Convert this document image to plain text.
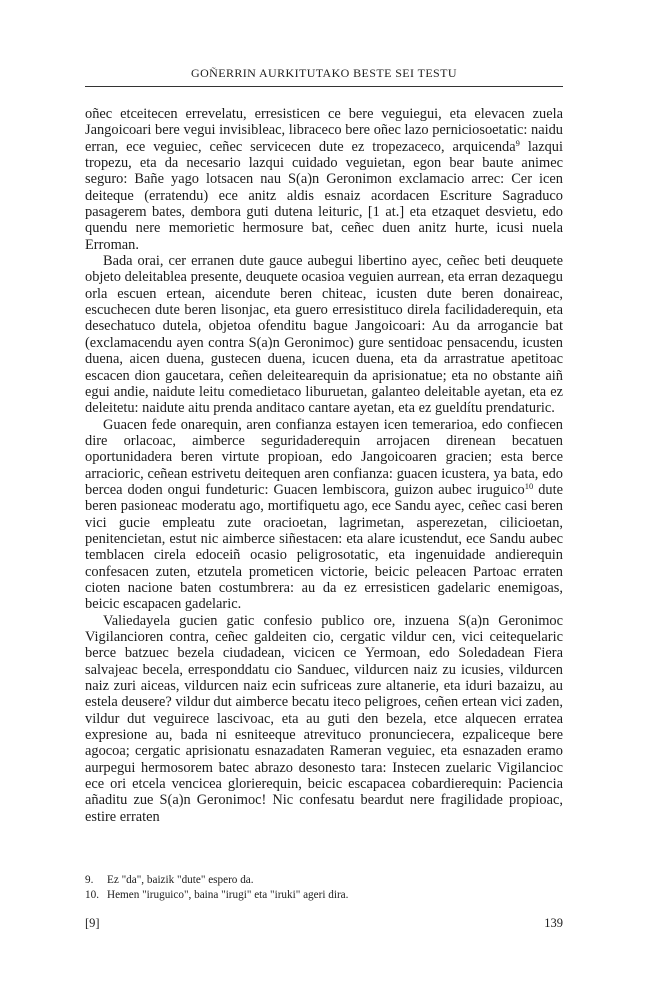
GOÑERRIN AURKITUTAKO BESTE SEI TESTU

oñec etceitecen errevelatu, erresisticen ce bere veguiegui, eta elevacen zuela Jangoicoari bere vegui invisibleac, libraceco bere oñec lazo perniciosoetatic: naidu erran, ece veguiec, ceñec servicecen dute ez tropezaceco, arquicenda$^9$ lazqui tropezu, eta da necesario lazqui cuidado veguietan, egon bear baute animec seguro: Bañe yago lotsacen nau S(a)n Geronimon exclamacio arrec: Cer icen deiteque (erratendu) ece anitz aldis esnaiz acordacen Escriture Sagraduco pasagerem bates, dembora guti dutena leituric, [1 at.] eta etzaquet desvietu, edo quendu nere memorietic hermosure bat, ceñec duen anitz hurte, icusi nuela Erroman.

Bada orai, cer erranen dute gauce aubegui libertino ayec, ceñec beti deuquete objeto deleitablea presente, deuquete ocasioa veguien aurrean, eta erran dezaquegu orla escuen ertean, aicendute beren chiteac, icusten dute beren donaireac, escuchecen dute beren lisonjac, eta guero erresistituco direla facilidaderequin, eta desechatuco dutela, objetoa ofenditu bague Jangoicoari: Au da arrogancie bat (exclamacendu ayen contra S(a)n Geronimoc) gure sentidoac pensacendu, icusten duena, aicen duena, gustecen duena, icucen duena, eta da arrastratue apetitoac escacen dion gaucetara, ceñen deleitearequin da aprisionatue; eta no obstante aiñ egui andie, naidute leitu comedietaco liburuetan, galanteo deleitable ayetan, eta ez deleitetu: naidute aitu prenda anditaco cantare ayetan, eta ez gueldítu prendaturic.

Guacen fede onarequin, aren confianza estayen icen temerarioa, edo confiecen dire orlacoac, aimberce seguridaderequin arrojacen direnean becatuen oportunidadera beren virtute propioan, edo Jangoicoaren gracien; esta berce arracioric, ceñean estrivetu deitequen aren confianza: guacen icustera, ya bata, edo bercea doden ongui fundeturic: Guacen lembiscora, guizon aubec iruguico$^{10}$ dute beren pasioneac moderatu ago, mortifiquetu ago, ece Sandu ayec, ceñec casi beren vici gucie empleatu zute oracioetan, lagrimetan, asperezetan, cilicioetan, penitencietan, estut nic aimberce siñestacen: eta alare icustendut, ece Sandu aubec temblacen cirela edoceiñ ocasio peligrosotatic, eta ingenuidade andierequin confesacen zuten, etzutela prometicen victorie, beicic peleacen Partoac erraten cioten nacione baten costumbrera: au da ez erresisticen gadelaric enemigoas, beicic escapacen gadelaric.

Valiedayela gucien gatic confesio publico ore, inzuena S(a)n Geronimoc Vigilancioren contra, ceñec galdeiten cio, cergatic vildur cen, vici ceitequelaric berce batzuec bezela ciudadean, vicicen ce Yermoan, edo Soledadean Fiera salvajeac becela, erresponddatu cio Sanduec, vildurcen naiz zu icusies, vildurcen naiz zuri aiceas, vildurcen naiz ecin sufriceas zure altanerie, eta iduri bazaizu, au estela deusere? vildur dut aimberce becatu iteco peligroes, ceñen ertean vici zaden, vildur dut veguirece lascivoac, eta au guti den bezela, etce alquecen erratea expresione au, bada ni esniteeque atrevituco pronunciecera, ezpaliceque bere agocoa; cergatic aprisionatu esnazadaten Rameran veguiec, eta esnazaden eramo aurpegui hermosorem batec abrazo desonesto tara: Instecen zuelaric Vigilancioc ece ori etcela vencicea glorierequin, beicic escapacea cobardierequin: Paciencia añaditu zue S(a)n Geronimoc! Nic confesatu beardut nere fragilidade propioac, estire erraten

9. Ez "da", baizik "dute" espero da.
10. Hemen "iruguico", baina "irugi" eta "iruki" ageri dira.
[9]	139
